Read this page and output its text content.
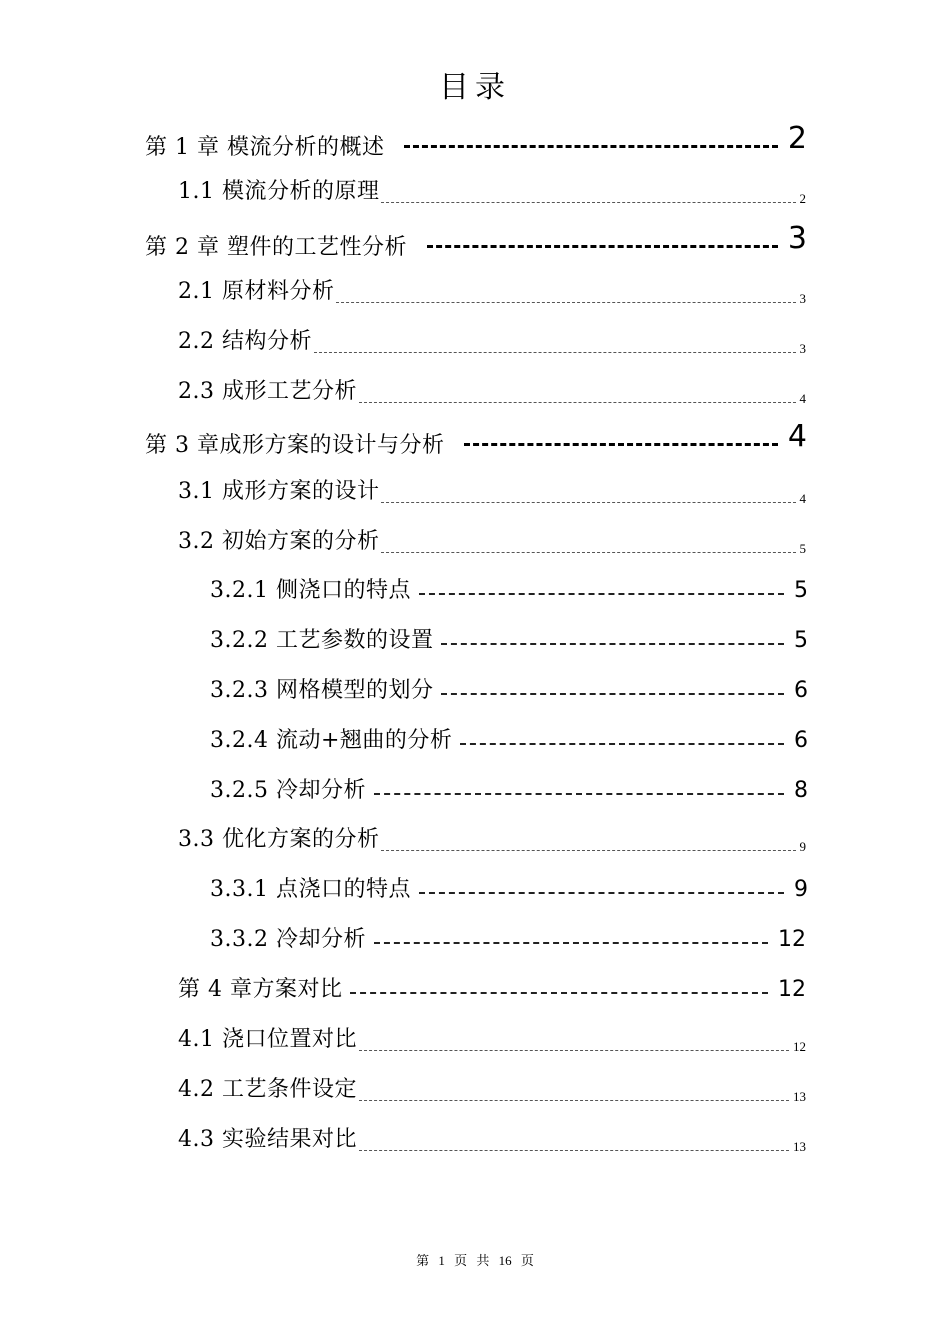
目录
第 1 章 模流分析的概述	2
1.1 模流分析的原理	2
第 2 章 塑件的工艺性分析	3
2.1 原材料分析	3
2.2 结构分析	3
2.3 成形工艺分析	4
第 3 章成形方案的设计与分析	4
3.1 成形方案的设计	4
3.2 初始方案的分析	5
3.2.1 侧浇口的特点	5
3.2.2 工艺参数的设置	5
3.2.3 网格模型的划分	6
3.2.4 流动+翘曲的分析	6
3.2.5 冷却分析	8
3.3 优化方案的分析	9
3.3.1 点浇口的特点	9
3.3.2 冷却分析	12
第 4 章方案对比	12
4.1 浇口位置对比	12
4.2 工艺条件设定	13
4.3 实验结果对比	13
第 1 页 共 16 页
